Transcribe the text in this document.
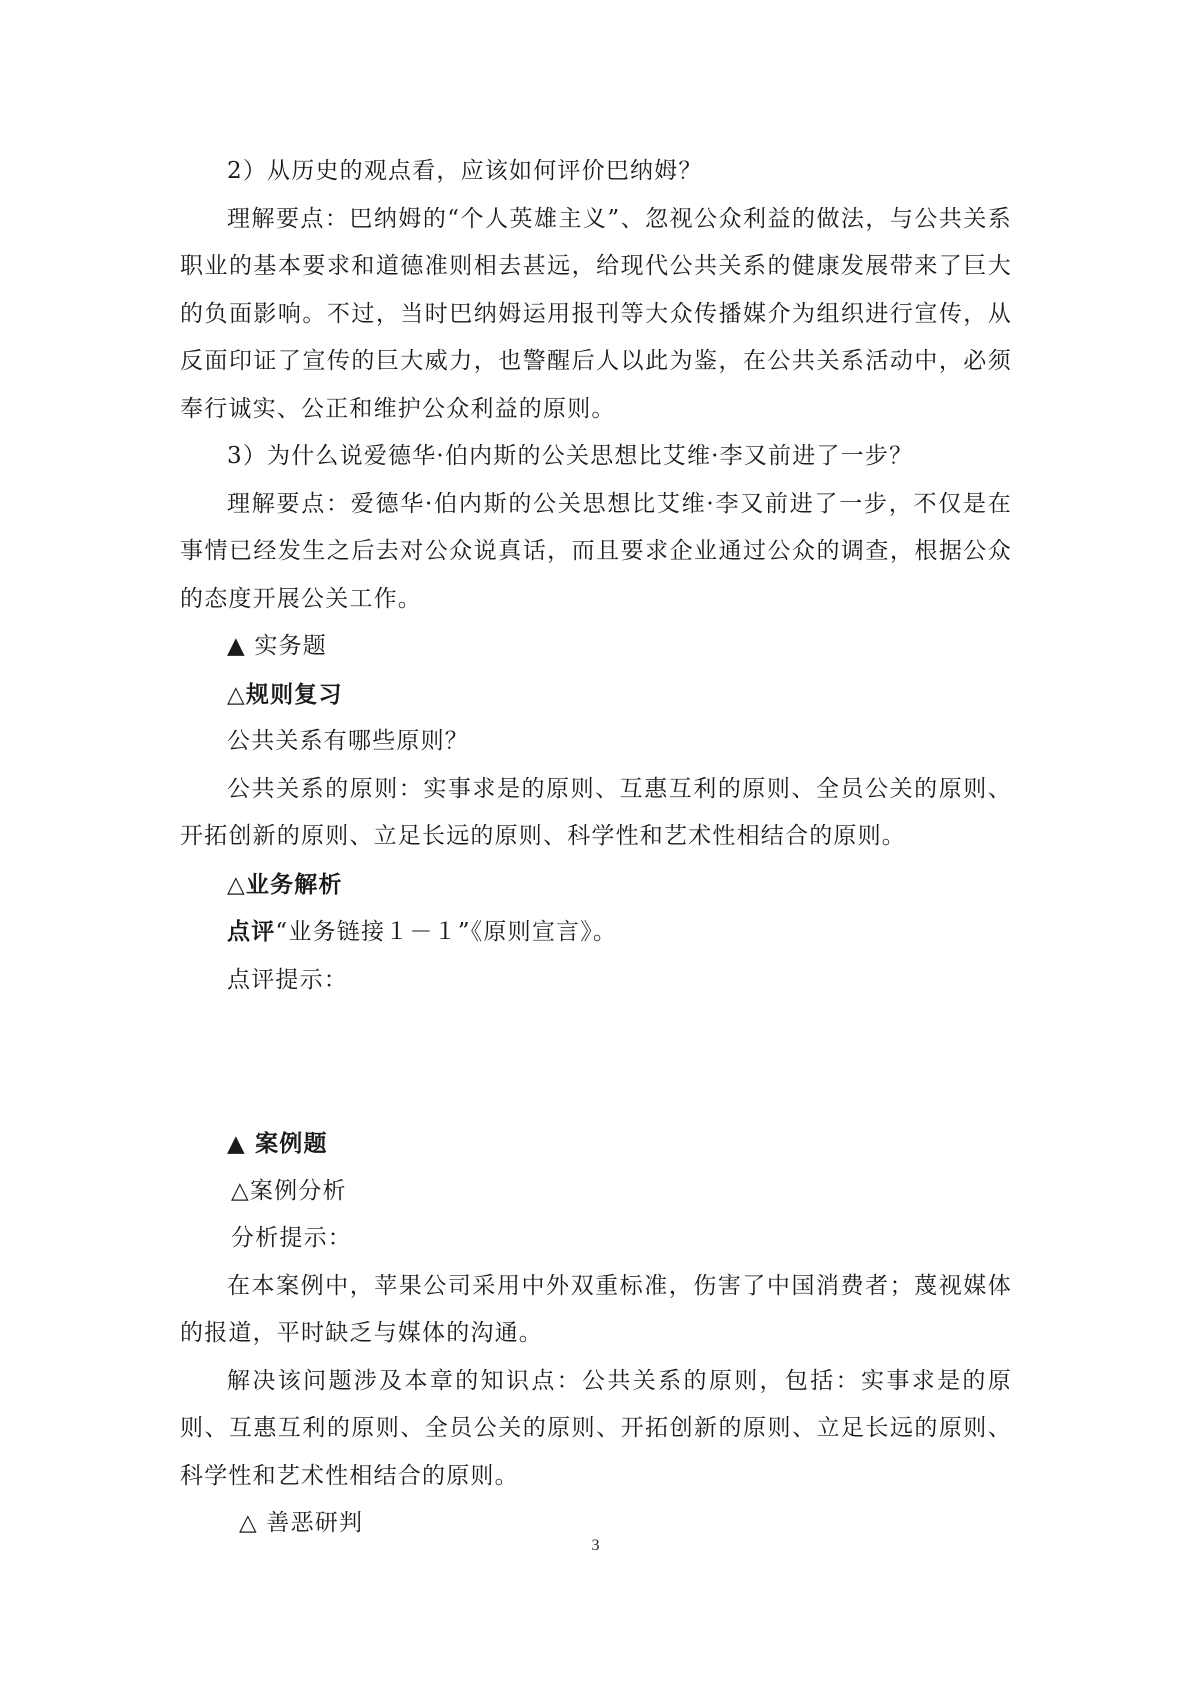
2）从历史的观点看，应该如何评价巴纳姆？

理解要点：巴纳姆的“个人英雄主义”、忽视公众利益的做法，与公共关系职业的基本要求和道德准则相去甚远，给现代公共关系的健康发展带来了巨大的负面影响。不过，当时巴纳姆运用报刊等大众传播媒介为组织进行宣传，从反面印证了宣传的巨大威力，也警醒后人以此为鉴，在公共关系活动中，必须奉行诚实、公正和维护公众利益的原则。

3）为什么说爱德华·伯内斯的公关思想比艾维·李又前进了一步？

理解要点：爱德华·伯内斯的公关思想比艾维·李又前进了一步，不仅是在事情已经发生之后去对公众说真话，而且要求企业通过公众的调查，根据公众的态度开展公关工作。

▲ 实务题

△规则复习

公共关系有哪些原则？

公共关系的原则：实事求是的原则、互惠互利的原则、全员公关的原则、开拓创新的原则、立足长远的原则、科学性和艺术性相结合的原则。

△业务解析

点评“业务链接１－１”《原则宣言》。

点评提示：

▲ 案例题

△案例分析

分析提示：

在本案例中，苹果公司采用中外双重标准，伤害了中国消费者；蔑视媒体的报道，平时缺乏与媒体的沟通。

解决该问题涉及本章的知识点：公共关系的原则，包括：实事求是的原则、互惠互利的原则、全员公关的原则、开拓创新的原则、立足长远的原则、科学性和艺术性相结合的原则。

△ 善恶研判

3
